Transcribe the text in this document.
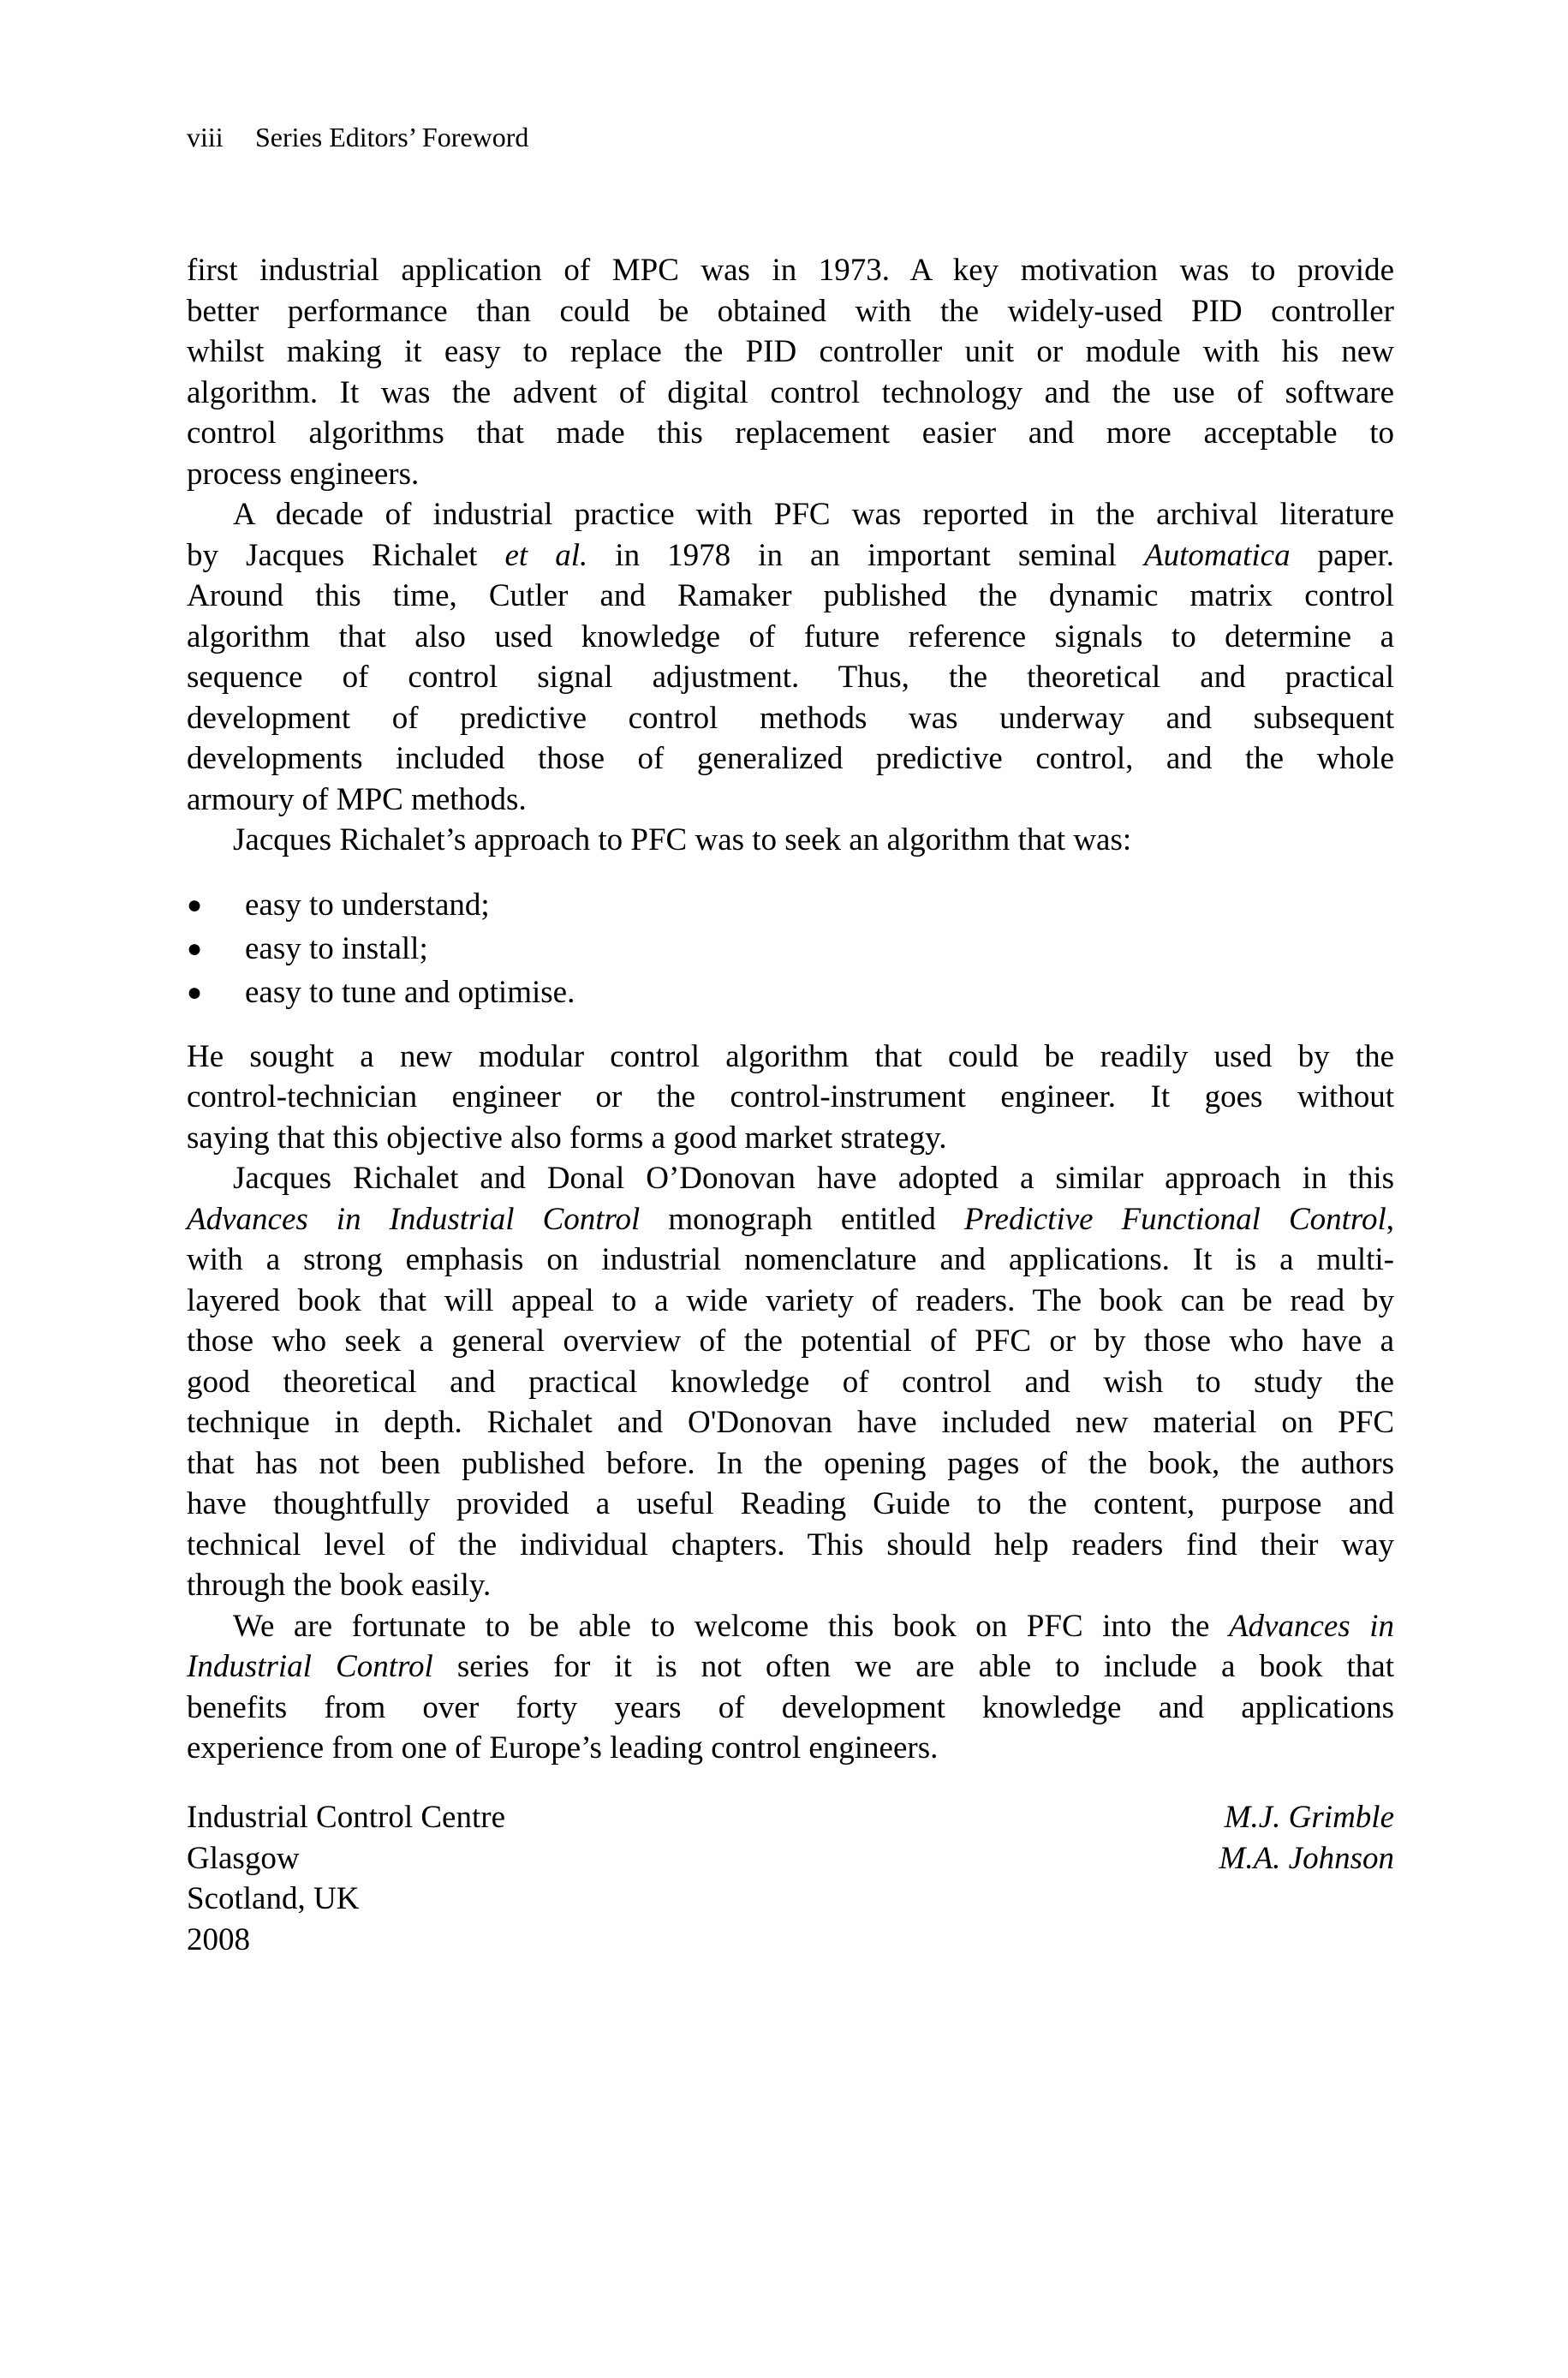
viii Series Editors’ Foreword
first industrial application of MPC was in 1973. A key motivation was to provide
better performance than could be obtained with the widely-used PID controller
whilst making it easy to replace the PID controller unit or module with his new
algorithm. It was the advent of digital control technology and the use of software
control algorithms that made this replacement easier and more acceptable to
process engineers.
A decade of industrial practice with PFC was reported in the archival literature
by Jacques Richalet et al. in 1978 in an important seminal Automatica paper.
Around this time, Cutler and Ramaker published the dynamic matrix control
algorithm that also used knowledge of future reference signals to determine a
sequence of control signal adjustment. Thus, the theoretical and practical
development of predictive control methods was underway and subsequent
developments included those of generalized predictive control, and the whole
armoury of MPC methods.
Jacques Richalet’s approach to PFC was to seek an algorithm that was:
●	easy to understand;
●	easy to install;
●	easy to tune and optimise.
He sought a new modular control algorithm that could be readily used by the
control-technician engineer or the control-instrument engineer. It goes without
saying that this objective also forms a good market strategy.
Jacques Richalet and Donal O’Donovan have adopted a similar approach in this
Advances in Industrial Control monograph entitled Predictive Functional Control,
with a strong emphasis on industrial nomenclature and applications. It is a multi-
layered book that will appeal to a wide variety of readers. The book can be read by
those who seek a general overview of the potential of PFC or by those who have a
good theoretical and practical knowledge of control and wish to study the
technique in depth. Richalet and O'Donovan have included new material on PFC
that has not been published before. In the opening pages of the book, the authors
have thoughtfully provided a useful Reading Guide to the content, purpose and
technical level of the individual chapters. This should help readers find their way
through the book easily.
We are fortunate to be able to welcome this book on PFC into the Advances in
Industrial Control series for it is not often we are able to include a book that
benefits from over forty years of development knowledge and applications
experience from one of Europe’s leading control engineers.
Industrial Control Centre	M.J. Grimble
Glasgow	M.A. Johnson
Scotland, UK
2008
